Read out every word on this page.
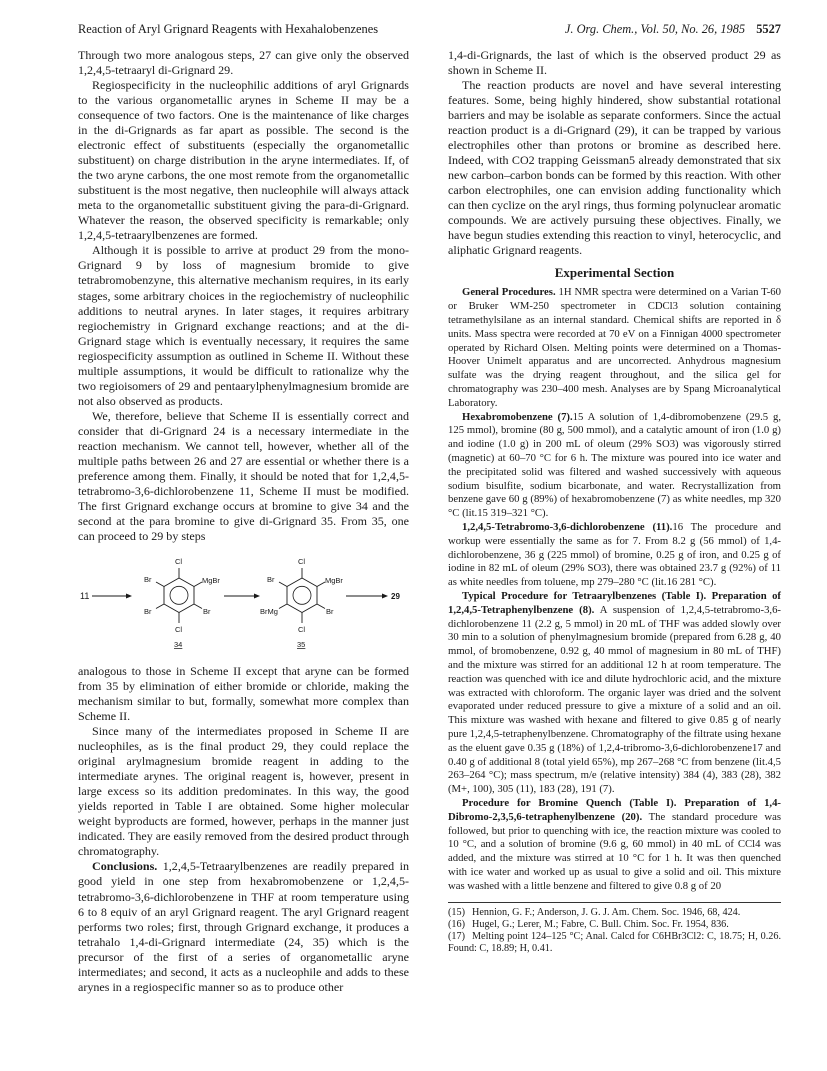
Reaction of Aryl Grignard Reagents with Hexahalobenzenes	J. Org. Chem., Vol. 50, No. 26, 1985 5527

Through two more analogous steps, 27 can give only the observed 1,2,4,5-tetraaryl di-Grignard 29.

Regiospecificity in the nucleophilic additions of aryl Grignards to the various organometallic arynes in Scheme II may be a consequence of two factors. One is the maintenance of like charges in the di-Grignards as far apart as possible. The second is the electronic effect of substituents (especially the organometallic substituent) on charge distribution in the aryne intermediates. If, of the two aryne carbons, the one most remote from the organometallic substituent is the most negative, then nucleophile will always attack meta to the organometallic substituent giving the para-di-Grignard. Whatever the reason, the observed specificity is remarkable; only 1,2,4,5-tetraarylbenzenes are formed.

Although it is possible to arrive at product 29 from the mono-Grignard 9 by loss of magnesium bromide to give tetrabromobenzyne, this alternative mechanism requires, in its early stages, some arbitrary choices in the regiochemistry of nucleophilic additions to neutral arynes. In later stages, it requires arbitrary regiochemistry in Grignard exchange reactions; and at the di-Grignard stage which is eventually necessary, it requires the same regiospecificity assumption as outlined in Scheme II. Without these multiple assumptions, it would be difficult to rationalize why the two regioisomers of 29 and pentaarylphenylmagnesium bromide are not also observed as products.

We, therefore, believe that Scheme II is essentially correct and consider that di-Grignard 24 is a necessary intermediate in the reaction mechanism. We cannot tell, however, whether all of the multiple paths between 26 and 27 are essential or whether there is a preference among them. Finally, it should be noted that for 1,2,4,5-tetrabromo-3,6-dichlorobenzene 11, Scheme II must be modified. The first Grignard exchange occurs at bromine to give 34 and the second at the para bromine to give di-Grignard 35. From 35, one can proceed to 29 by steps

11
Cl
Br	MgBr
Br	Br
Cl
34
Cl
Br	MgBr
BrMg	Br
Cl
35
29

analogous to those in Scheme II except that aryne can be formed from 35 by elimination of either bromide or chloride, making the mechanism similar to but, formally, somewhat more complex than Scheme II.

Since many of the intermediates proposed in Scheme II are nucleophiles, as is the final product 29, they could replace the original arylmagnesium bromide reagent in adding to the intermediate arynes. The original reagent is, however, present in large excess so its addition predominates. In this way, the good yields reported in Table I are obtained. Some higher molecular weight byproducts are formed, however, perhaps in the manner just indicated. They are easily removed from the desired product through chromatography.

Conclusions. 1,2,4,5-Tetraarylbenzenes are readily prepared in good yield in one step from hexabromobenzene or 1,2,4,5-tetrabromo-3,6-dichlorobenzene in THF at room temperature using 6 to 8 equiv of an aryl Grignard reagent. The aryl Grignard reagent performs two roles; first, through Grignard exchange, it produces a tetrahalo 1,4-di-Grignard intermediate (24, 35) which is the precursor of the first of a series of organometallic aryne intermediates; and second, it acts as a nucleophile and adds to these arynes in a regiospecific manner so as to produce other

1,4-di-Grignards, the last of which is the observed product 29 as shown in Scheme II.

The reaction products are novel and have several interesting features. Some, being highly hindered, show substantial rotational barriers and may be isolable as separate conformers. Since the actual reaction product is a di-Grignard (29), it can be trapped by various electrophiles other than protons or bromine as described here. Indeed, with CO2 trapping Geissman5 already demonstrated that six new carbon–carbon bonds can be formed by this reaction. With other carbon electrophiles, one can envision adding functionality which can then cyclize on the aryl rings, thus forming polynuclear aromatic compounds. We are actively pursuing these objectives. Finally, we have begun studies extending this reaction to vinyl, heterocyclic, and aliphatic Grignard reagents.

Experimental Section

General Procedures. 1H NMR spectra were determined on a Varian T-60 or Bruker WM-250 spectrometer in CDCl3 solution containing tetramethylsilane as an internal standard. Chemical shifts are reported in δ units. Mass spectra were recorded at 70 eV on a Finnigan 4000 spectrometer operated by Richard Olsen. Melting points were determined on a Thomas-Hoover Unimelt apparatus and are uncorrected. Anhydrous magnesium sulfate was the drying reagent throughout, and the silica gel for chromatography was 230–400 mesh. Analyses are by Spang Microanalytical Laboratory.

Hexabromobenzene (7).15 A solution of 1,4-dibromobenzene (29.5 g, 125 mmol), bromine (80 g, 500 mmol), and a catalytic amount of iron (1.0 g) and iodine (1.0 g) in 200 mL of oleum (29% SO3) was vigorously stirred (magnetic) at 60–70 °C for 6 h. The mixture was poured into ice water and the precipitated solid was filtered and washed successively with aqueous sodium bisulfite, sodium bicarbonate, and water. Recrystallization from benzene gave 60 g (89%) of hexabromobenzene (7) as white needles, mp 320 °C (lit.15 319–321 °C).

1,2,4,5-Tetrabromo-3,6-dichlorobenzene (11).16 The procedure and workup were essentially the same as for 7. From 8.2 g (56 mmol) of 1,4-dichlorobenzene, 36 g (225 mmol) of bromine, 0.25 g of iron, and 0.25 g of iodine in 82 mL of oleum (29% SO3), there was obtained 23.7 g (92%) of 11 as white needles from toluene, mp 279–280 °C (lit.16 281 °C).

Typical Procedure for Tetraarylbenzenes (Table I). Preparation of 1,2,4,5-Tetraphenylbenzene (8). A suspension of 1,2,4,5-tetrabromo-3,6-dichlorobenzene 11 (2.2 g, 5 mmol) in 20 mL of THF was added slowly over 30 min to a solution of phenylmagnesium bromide (prepared from 6.28 g, 40 mmol, of bromobenzene, 0.92 g, 40 mmol of magnesium in 80 mL of THF) and the mixture was stirred for an additional 12 h at room temperature. The reaction was quenched with ice and dilute hydrochloric acid, and the mixture was extracted with chloroform. The organic layer was dried and the solvent evaporated under reduced pressure to give a mixture of a solid and an oil. This mixture was washed with hexane and filtered to give 0.85 g of nearly pure 1,2,4,5-tetraphenylbenzene. Chromatography of the filtrate using hexane as the eluent gave 0.35 g (18%) of 1,2,4-tribromo-3,6-dichlorobenzene17 and 0.40 g of additional 8 (total yield 65%), mp 267–268 °C from benzene (lit.4,5 263–264 °C); mass spectrum, m/e (relative intensity) 384 (4), 383 (28), 382 (M+, 100), 305 (11), 183 (28), 191 (7).

Procedure for Bromine Quench (Table I). Preparation of 1,4-Dibromo-2,3,5,6-tetraphenylbenzene (20). The standard procedure was followed, but prior to quenching with ice, the reaction mixture was cooled to 10 °C, and a solution of bromine (9.6 g, 60 mmol) in 40 mL of CCl4 was added, and the mixture was stirred at 10 °C for 1 h. It was then quenched with ice water and worked up as usual to give a solid and oil. This mixture was washed with a little benzene and filtered to give 0.8 g of 20

(15) Hennion, G. F.; Anderson, J. G. J. Am. Chem. Soc. 1946, 68, 424.
(16) Hugel, G.; Lerer, M.; Fabre, C. Bull. Chim. Soc. Fr. 1954, 836.
(17) Melting point 124–125 °C; Anal. Calcd for C6HBr3Cl2: C, 18.75; H, 0.26. Found: C, 18.89; H, 0.41.
